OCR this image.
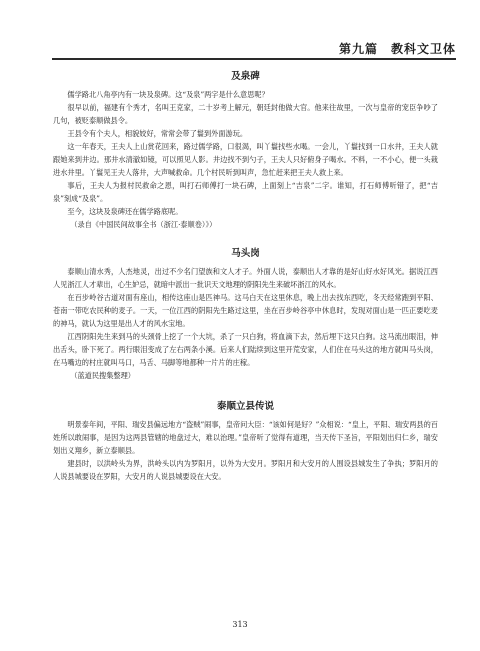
第九篇　教科文卫体
及泉碑

儒学路北八角亭内有一块及泉碑。这“及泉”两字是什么意思呢？

很早以前，福建有个秀才，名叫王克家，二十岁考上解元，朝廷封他做大官。他来往故里，一次与皇帝的宠臣争吵了几句，被贬泰顺做县令。

王县令有个夫人，相貌姣好，常常会带了鬟到外面游玩。

这一年春天，王夫人上山赏花回来，路过儒学路，口很渴，叫丫鬟找些水喝。一会儿，丫鬟找到一口水井，王夫人就跟她来到井边。那井水清澈如镜，可以照见人影。井边找不到勺子，王夫人只好俯身子喝水。不料，一不小心，便一头栽进水井里。丫鬟见王夫人落井，大声喊救命。几个村民听到叫声，急忙赶来把王夫人救上来。

事后，王夫人为报村民救命之恩，叫打石师傅打一块石碑，上面刻上“吉泉”二字。谁知，打石师傅听错了，把“吉泉”刻成“及泉”。

至今，这块及泉碑还在儒学路底呢。

（录自《中国民间故事全书（浙江·泰顺卷）》）

马头岗

泰顺山清水秀，人杰地灵，出过不少名门望族和文人才子。外面人说，泰顺出人才靠的是好山好水好风光。据说江西人见浙江人才辈出，心生妒忌，就暗中派出一批识天文地理的阴阳先生来破坏浙江的风水。

在百步岭谷古道对面有座山，相传这座山是匹神马。这马白天在这里休息，晚上出去找东西吃，冬天经常跑到平阳、苍南一带吃农民种的麦子。一天，一位江西的阴阳先生路过这里，坐在百步岭谷亭中休息时，发现对面山是一匹正要吃麦的神马，就认为这里是出人才的风水宝地。

江西阴阳先生来到马的头颈骨上挖了一个大坑，杀了一只白狗，将血滴下去，然后埋下这只白狗。这马流出眼泪，伸出舌头，卧下死了。两行眼泪变成了左右两条小溪。后来人们陆续到这里开荒安家，人们住在马头这的地方就叫马头岗，在马嘴边的村庄就叫马口，马舌、马脚等地都种一片片的庄稼。

（蓝道民搜集整理）

泰顺立县传说

明景泰年间，平阳、瑞安县偏远地方“盗贼”闹事，皇帝问大臣：“该如何是好？”众相说：“皇上，平阳、瑞安两县的百姓所以敢闹事，是因为这两县管辖的地盘过大，难以治理。”皇帝听了觉得有道理，当天传下圣旨，平阳划出归仁乡，瑞安划出义翔乡，新立泰顺县。

建县时，以洪岭头为界，洪岭头以内为罗阳月，以外为大安月。罗阳月和大安月的人围设县城发生了争执；罗阳月的人说县城要设在罗阳，大安月的人说县城要设在大安。

313
